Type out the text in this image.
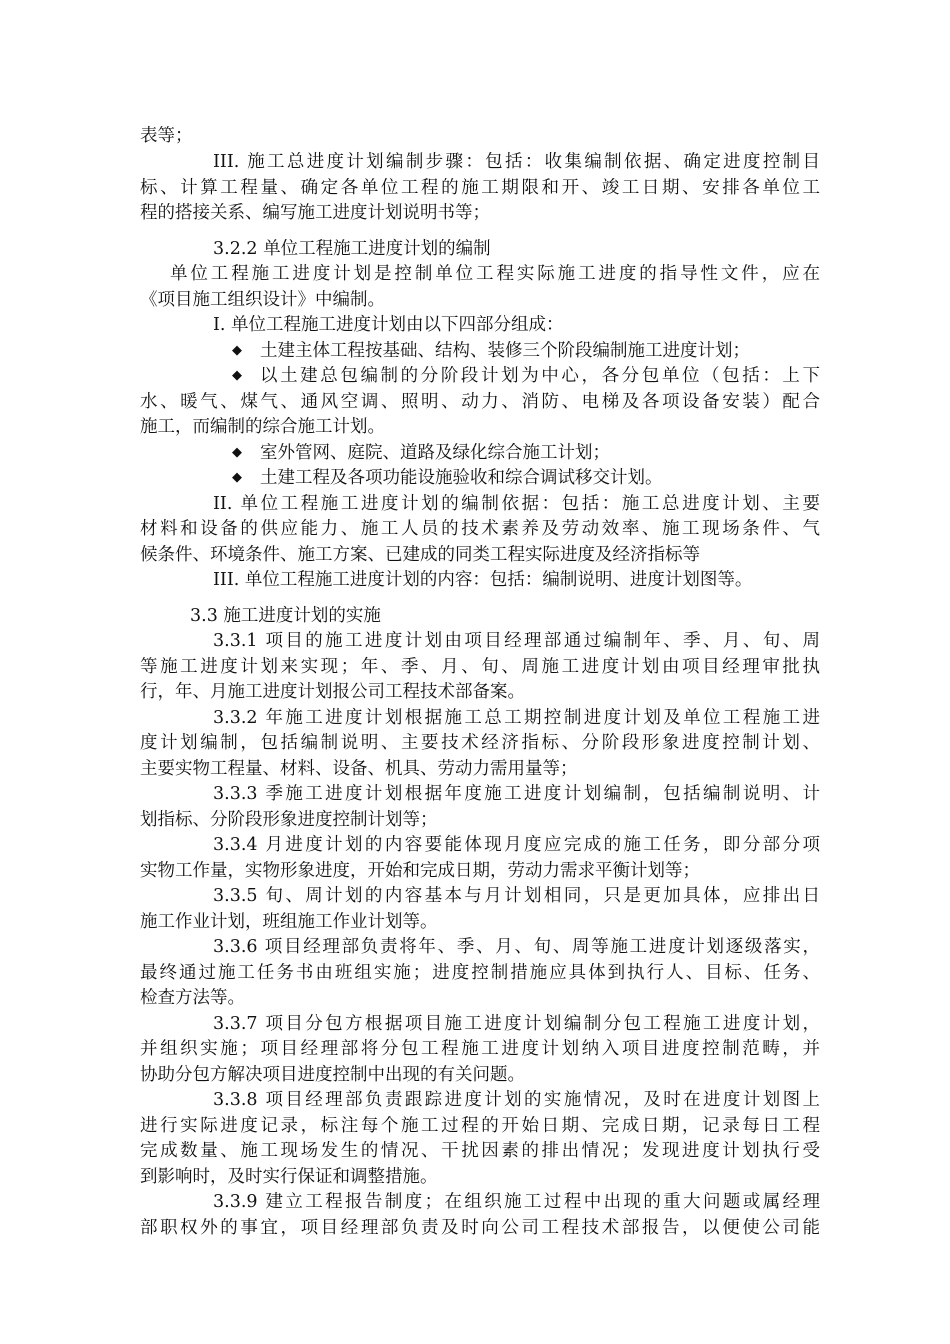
表等；
III. 施工总进度计划编制步骤：包括：收集编制依据、确定进度控制目
标、计算工程量、确定各单位工程的施工期限和开、竣工日期、安排各单位工
程的搭接关系、编写施工进度计划说明书等；
3.2.2 单位工程施工进度计划的编制
单位工程施工进度计划是控制单位工程实际施工进度的指导性文件，应在
《项目施工组织设计》中编制。
I. 单位工程施工进度计划由以下四部分组成：
◆ 土建主体工程按基础、结构、装修三个阶段编制施工进度计划；
◆ 以土建总包编制的分阶段计划为中心，各分包单位（包括：上下
水、暖气、煤气、通风空调、照明、动力、消防、电梯及各项设备安装）配合
施工，而编制的综合施工计划。
◆ 室外管网、庭院、道路及绿化综合施工计划；
◆ 土建工程及各项功能设施验收和综合调试移交计划。
II. 单位工程施工进度计划的编制依据：包括：施工总进度计划、主要
材料和设备的供应能力、施工人员的技术素养及劳动效率、施工现场条件、气
候条件、环境条件、施工方案、已建成的同类工程实际进度及经济指标等
III. 单位工程施工进度计划的内容：包括：编制说明、进度计划图等。
3.3 施工进度计划的实施
3.3.1 项目的施工进度计划由项目经理部通过编制年、季、月、旬、周
等施工进度计划来实现；年、季、月、旬、周施工进度计划由项目经理审批执
行，年、月施工进度计划报公司工程技术部备案。
3.3.2 年施工进度计划根据施工总工期控制进度计划及单位工程施工进
度计划编制，包括编制说明、主要技术经济指标、分阶段形象进度控制计划、
主要实物工程量、材料、设备、机具、劳动力需用量等；
3.3.3 季施工进度计划根据年度施工进度计划编制，包括编制说明、计
划指标、分阶段形象进度控制计划等；
3.3.4 月进度计划的内容要能体现月度应完成的施工任务，即分部分项
实物工作量，实物形象进度，开始和完成日期，劳动力需求平衡计划等；
3.3.5 旬、周计划的内容基本与月计划相同，只是更加具体，应排出日
施工作业计划，班组施工作业计划等。
3.3.6 项目经理部负责将年、季、月、旬、周等施工进度计划逐级落实，
最终通过施工任务书由班组实施；进度控制措施应具体到执行人、目标、任务、
检查方法等。
3.3.7 项目分包方根据项目施工进度计划编制分包工程施工进度计划，
并组织实施；项目经理部将分包工程施工进度计划纳入项目进度控制范畴，并
协助分包方解决项目进度控制中出现的有关问题。
3.3.8 项目经理部负责跟踪进度计划的实施情况，及时在进度计划图上
进行实际进度记录，标注每个施工过程的开始日期、完成日期，记录每日工程
完成数量、施工现场发生的情况、干扰因素的排出情况；发现进度计划执行受
到影响时，及时实行保证和调整措施。
3.3.9 建立工程报告制度；在组织施工过程中出现的重大问题或属经理
部职权外的事宜，项目经理部负责及时向公司工程技术部报告，以便使公司能
